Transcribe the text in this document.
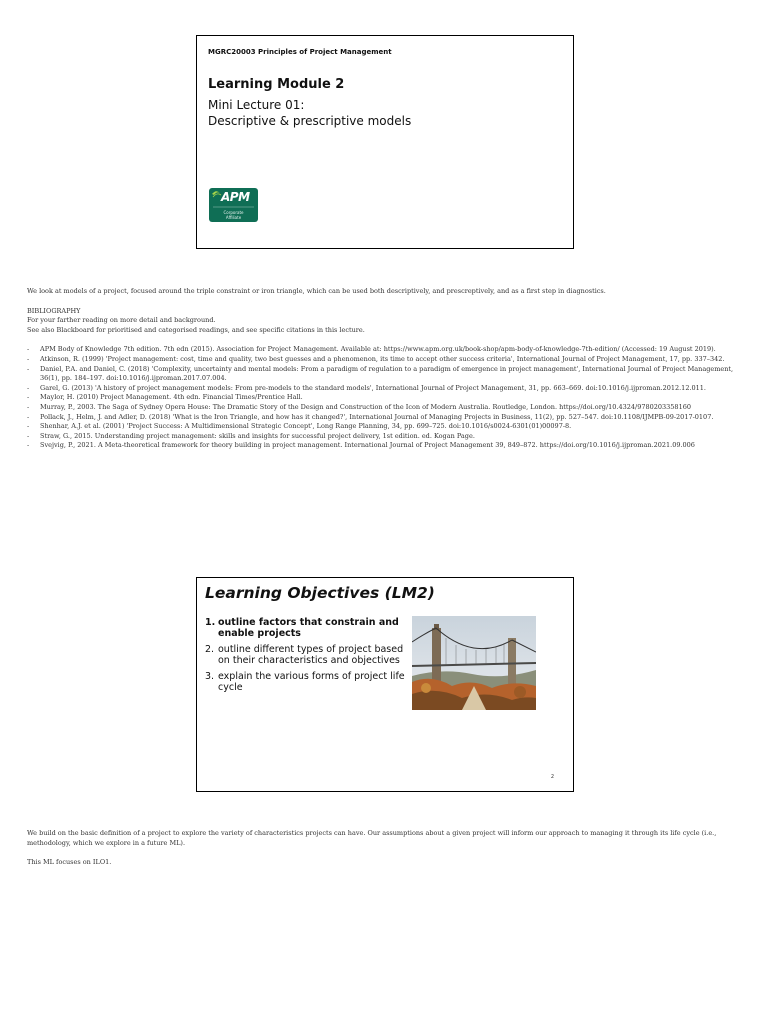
MGRC20003 Principles of Project Management
Learning Module 2
Mini Lecture 01:
Descriptive & prescriptive models
APM
Corporate
Affiliate

We look at models of a project, focused around the triple constraint or iron triangle, which can be used both descriptively, and prescreptively, and as a first step in diagnostics.

BIBLIOGRAPHY

For your farther reading on more detail and background.

See also Blackboard for prioritised and categorised readings, and see specific citations in this lecture.

- APM Body of Knowledge 7th edition. 7th edn (2015). Association for Project Management. Available at: https://www.apm.org.uk/book-shop/apm-body-of-knowledge-7th-edition/ (Accessed: 19 August 2019).
- Atkinson, R. (1999) 'Project management: cost, time and quality, two best guesses and a phenomenon, its time to accept other success criteria', International Journal of Project Management, 17, pp. 337–342.
- Daniel, P.A. and Daniel, C. (2018) 'Complexity, uncertainty and mental models: From a paradigm of regulation to a paradigm of emergence in project management', International Journal of Project Management, 36(1), pp. 184–197. doi:10.1016/j.ijproman.2017.07.004.
- Garel, G. (2013) 'A history of project management models: From pre-models to the standard models', International Journal of Project Management, 31, pp. 663–669. doi:10.1016/j.ijproman.2012.12.011.
- Maylor, H. (2010) Project Management. 4th edn. Financial Times/Prentice Hall.
- Murray, P., 2003. The Saga of Sydney Opera House: The Dramatic Story of the Design and Construction of the Icon of Modern Australia. Routledge, London. https://doi.org/10.4324/9780203358160
- Pollack, J., Helm, J. and Adler, D. (2018) 'What is the Iron Triangle, and how has it changed?', International Journal of Managing Projects in Business, 11(2), pp. 527–547. doi:10.1108/IJMPB-09-2017-0107.
- Shenhar, A.J. et al. (2001) 'Project Success: A Multidimensional Strategic Concept', Long Range Planning, 34, pp. 699–725. doi:10.1016/s0024-6301(01)00097-8.
- Straw, G., 2015. Understanding project management: skills and insights for successful project delivery, 1st edition. ed. Kogan Page.
- Svejvig, P., 2021. A Meta-theoretical framework for theory building in project management. International Journal of Project Management 39, 849–872. https://doi.org/10.1016/j.ijproman.2021.09.006
Learning Objectives (LM2)
1. outline factors that constrain and enable projects
2. outline different types of project based on their characteristics and objectives
3. explain the various forms of project life cycle
2

We build on the basic definition of a project to explore the variety of characteristics projects can have. Our assumptions about a given project will inform our approach to managing it through its life cycle (i.e., methodology, which we explore in a future ML).

This ML focuses on ILO1.
